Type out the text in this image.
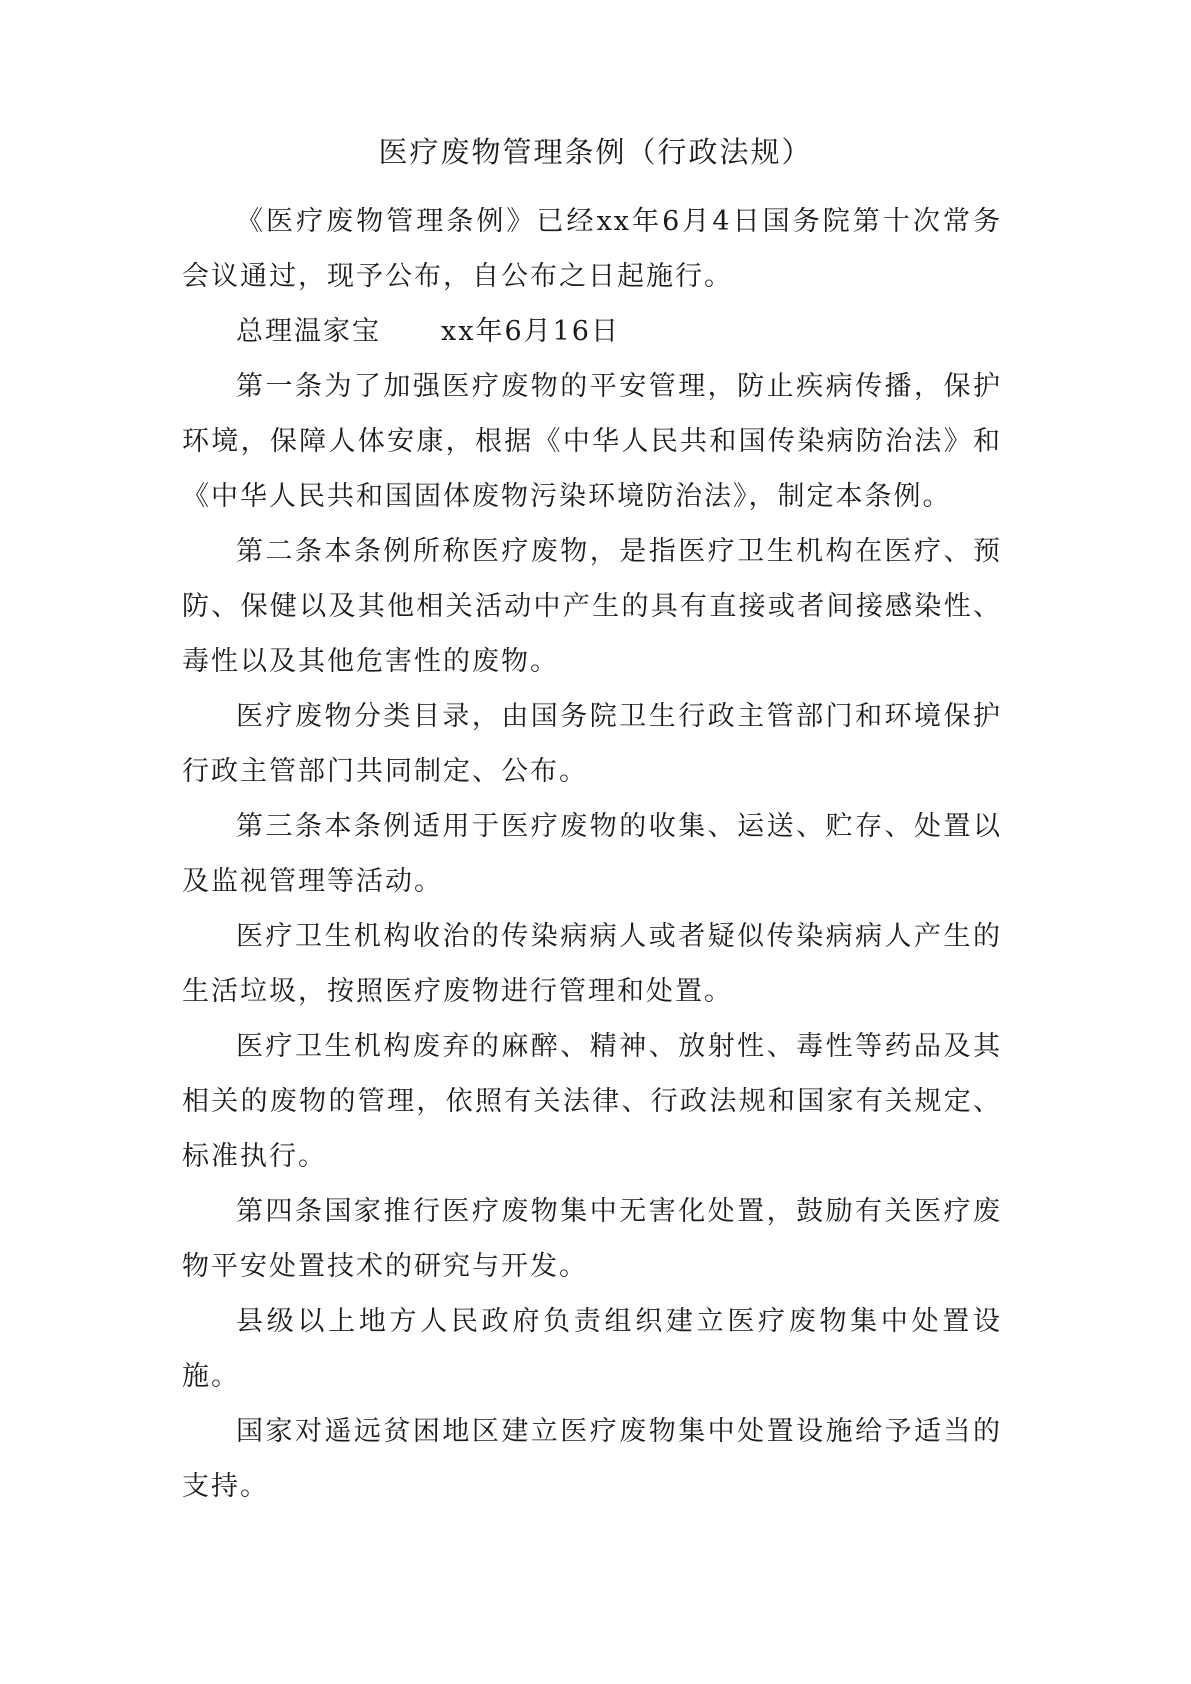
医疗废物管理条例（行政法规）

《医疗废物管理条例》已经xx年6月4日国务院第十次常务会议通过，现予公布，自公布之日起施行。

总理温家宝 xx年6月16日

第一条为了加强医疗废物的平安管理，防止疾病传播，保护环境，保障人体安康，根据《中华人民共和国传染病防治法》和《中华人民共和国固体废物污染环境防治法》，制定本条例。

第二条本条例所称医疗废物，是指医疗卫生机构在医疗、预防、保健以及其他相关活动中产生的具有直接或者间接感染性、毒性以及其他危害性的废物。

医疗废物分类目录，由国务院卫生行政主管部门和环境保护行政主管部门共同制定、公布。

第三条本条例适用于医疗废物的收集、运送、贮存、处置以及监视管理等活动。

医疗卫生机构收治的传染病病人或者疑似传染病病人产生的生活垃圾，按照医疗废物进行管理和处置。

医疗卫生机构废弃的麻醉、精神、放射性、毒性等药品及其相关的废物的管理，依照有关法律、行政法规和国家有关规定、标准执行。

第四条国家推行医疗废物集中无害化处置，鼓励有关医疗废物平安处置技术的研究与开发。

县级以上地方人民政府负责组织建立医疗废物集中处置设施。

国家对遥远贫困地区建立医疗废物集中处置设施给予适当的支持。
